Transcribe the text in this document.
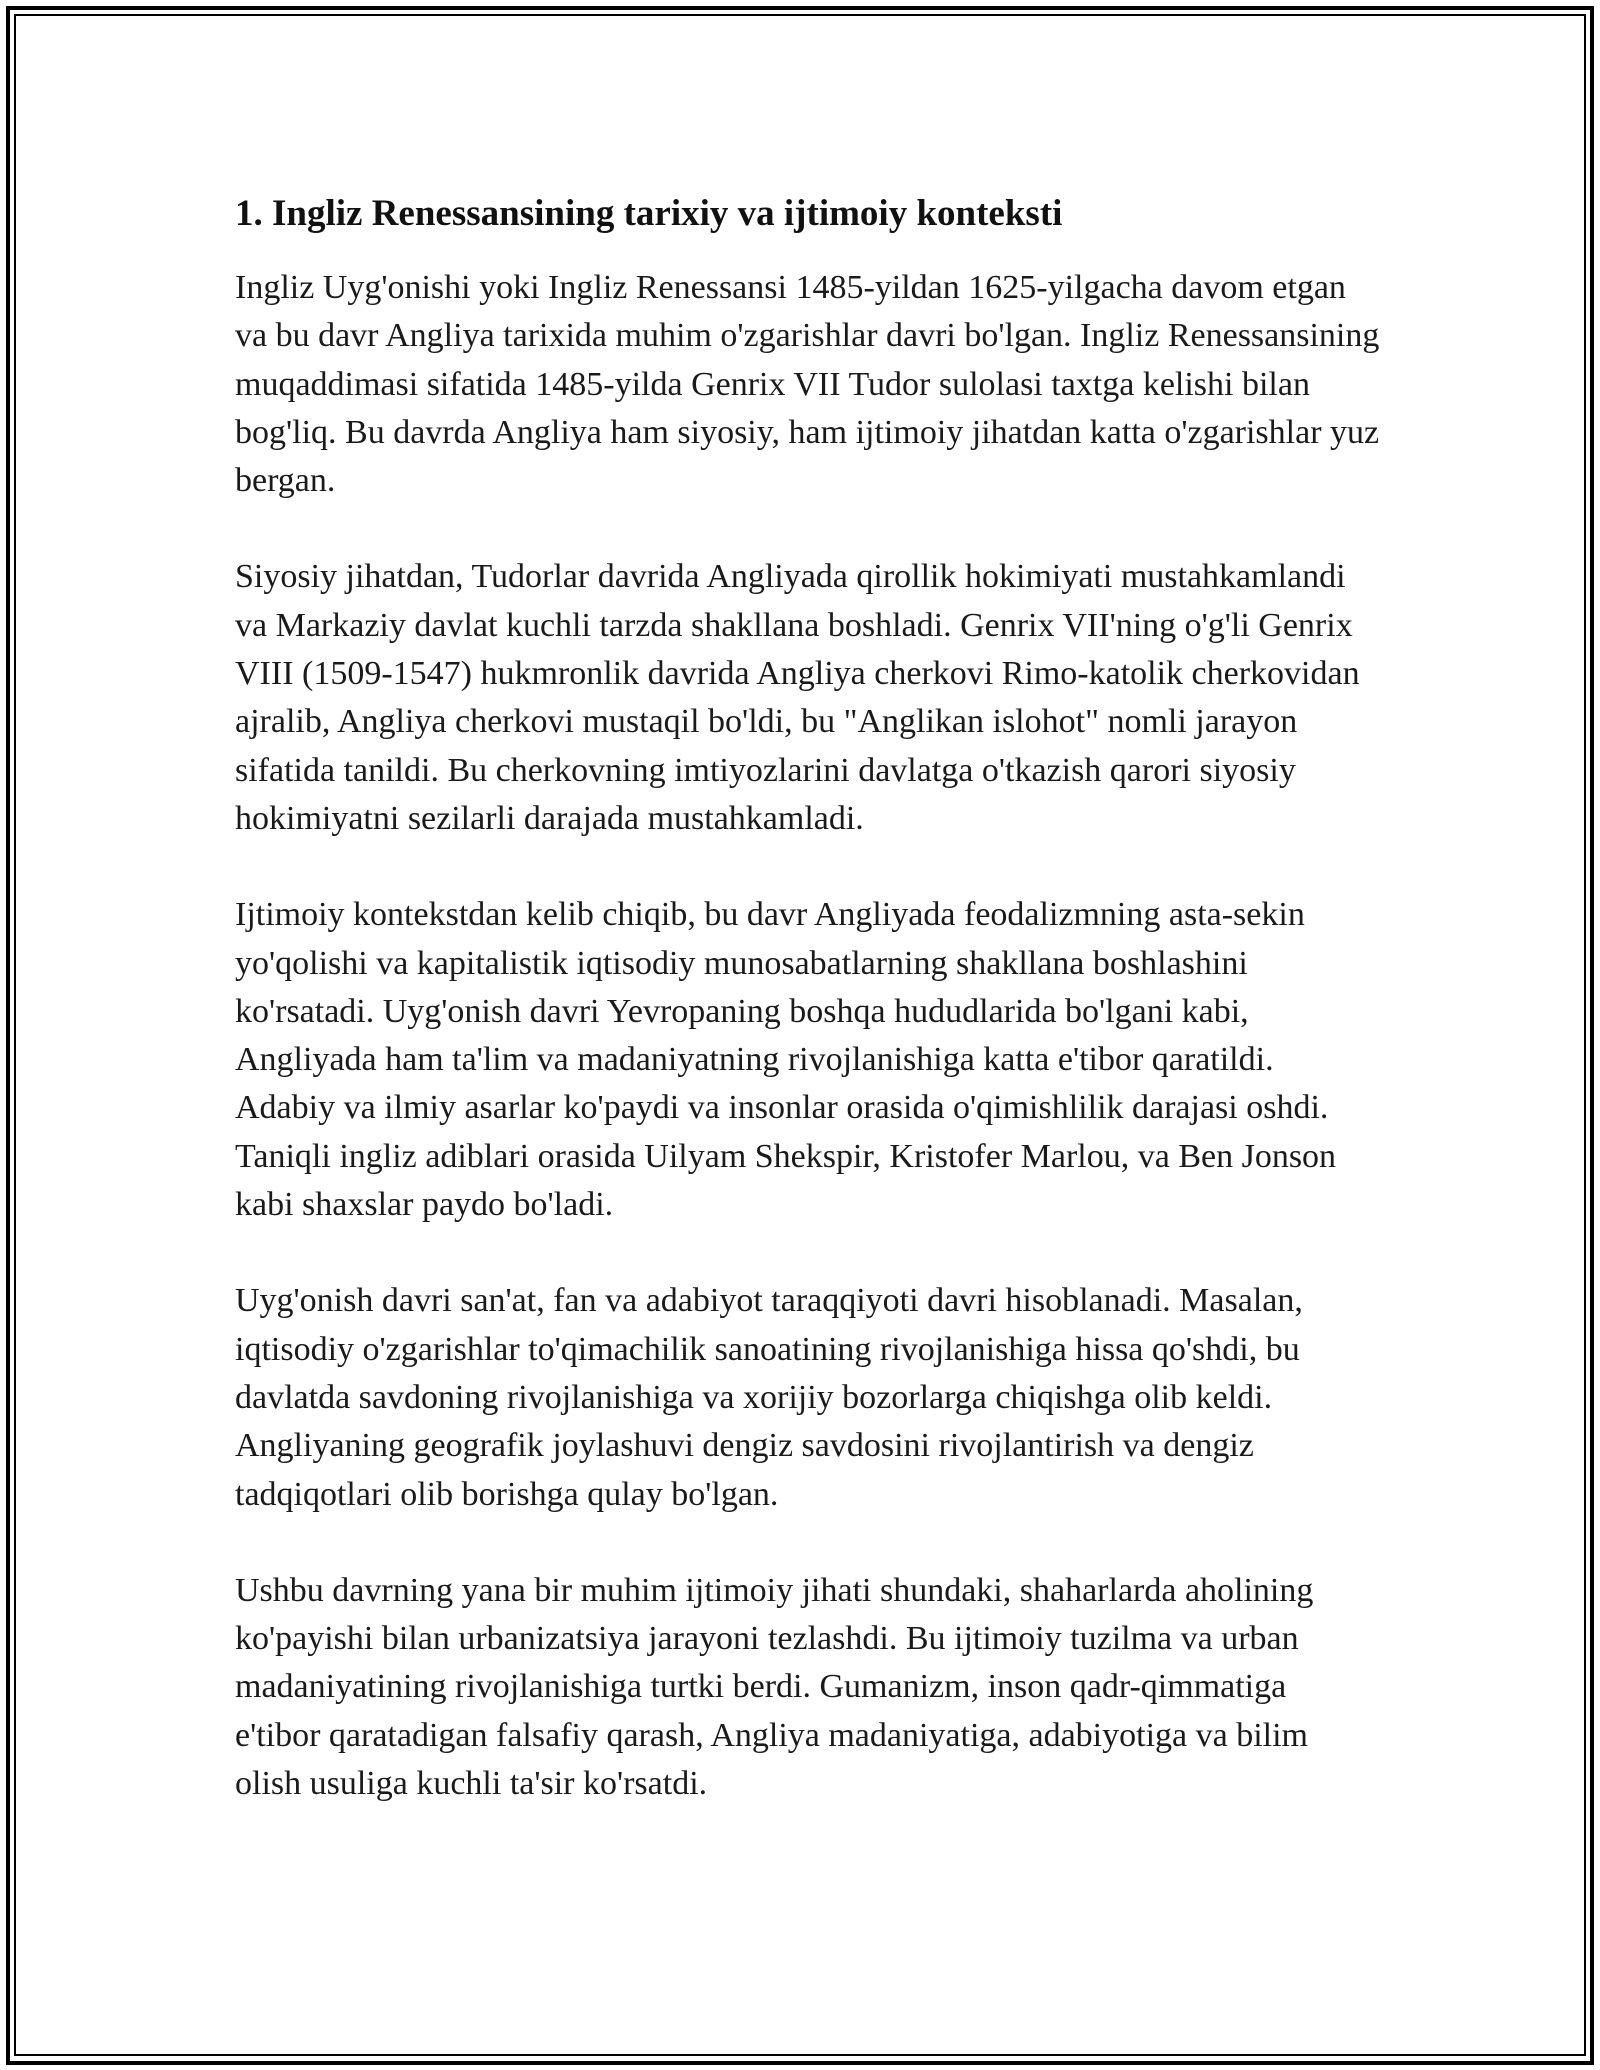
1. Ingliz Renessansining tarixiy va ijtimoiy konteksti

Ingliz Uyg'onishi yoki Ingliz Renessansi 1485-yildan 1625-yilgacha davom etgan va bu davr Angliya tarixida muhim o'zgarishlar davri bo'lgan. Ingliz Renessansining muqaddimasi sifatida 1485-yilda Genrix VII Tudor sulolasi taxtga kelishi bilan bog'liq. Bu davrda Angliya ham siyosiy, ham ijtimoiy jihatdan katta o'zgarishlar yuz bergan.

Siyosiy jihatdan, Tudorlar davrida Angliyada qirollik hokimiyati mustahkamlandi va Markaziy davlat kuchli tarzda shakllana boshladi. Genrix VII'ning o'g'li Genrix VIII (1509-1547) hukmronlik davrida Angliya cherkovi Rimo-katolik cherkovidan ajralib, Angliya cherkovi mustaqil bo'ldi, bu "Anglikan islohot" nomli jarayon sifatida tanildi. Bu cherkovning imtiyozlarini davlatga o'tkazish qarori siyosiy hokimiyatni sezilarli darajada mustahkamladi.

Ijtimoiy kontekstdan kelib chiqib, bu davr Angliyada feodalizmning asta-sekin yo'qolishi va kapitalistik iqtisodiy munosabatlarning shakllana boshlashini ko'rsatadi. Uyg'onish davri Yevropaning boshqa hududlarida bo'lgani kabi, Angliyada ham ta'lim va madaniyatning rivojlanishiga katta e'tibor qaratildi. Adabiy va ilmiy asarlar ko'paydi va insonlar orasida o'qimishlilik darajasi oshdi. Taniqli ingliz adiblari orasida Uilyam Shekspir, Kristofer Marlou, va Ben Jonson kabi shaxslar paydo bo'ladi.

Uyg'onish davri san'at, fan va adabiyot taraqqiyoti davri hisoblanadi. Masalan, iqtisodiy o'zgarishlar to'qimachilik sanoatining rivojlanishiga hissa qo'shdi, bu davlatda savdoning rivojlanishiga va xorijiy bozorlarga chiqishga olib keldi. Angliyaning geografik joylashuvi dengiz savdosini rivojlantirish va dengiz tadqiqotlari olib borishga qulay bo'lgan.

Ushbu davrning yana bir muhim ijtimoiy jihati shundaki, shaharlarda aholining ko'payishi bilan urbanizatsiya jarayoni tezlashdi. Bu ijtimoiy tuzilma va urban madaniyatining rivojlanishiga turtki berdi. Gumanizm, inson qadr-qimmatiga e'tibor qaratadigan falsafiy qarash, Angliya madaniyatiga, adabiyotiga va bilim olish usuliga kuchli ta'sir ko'rsatdi.
